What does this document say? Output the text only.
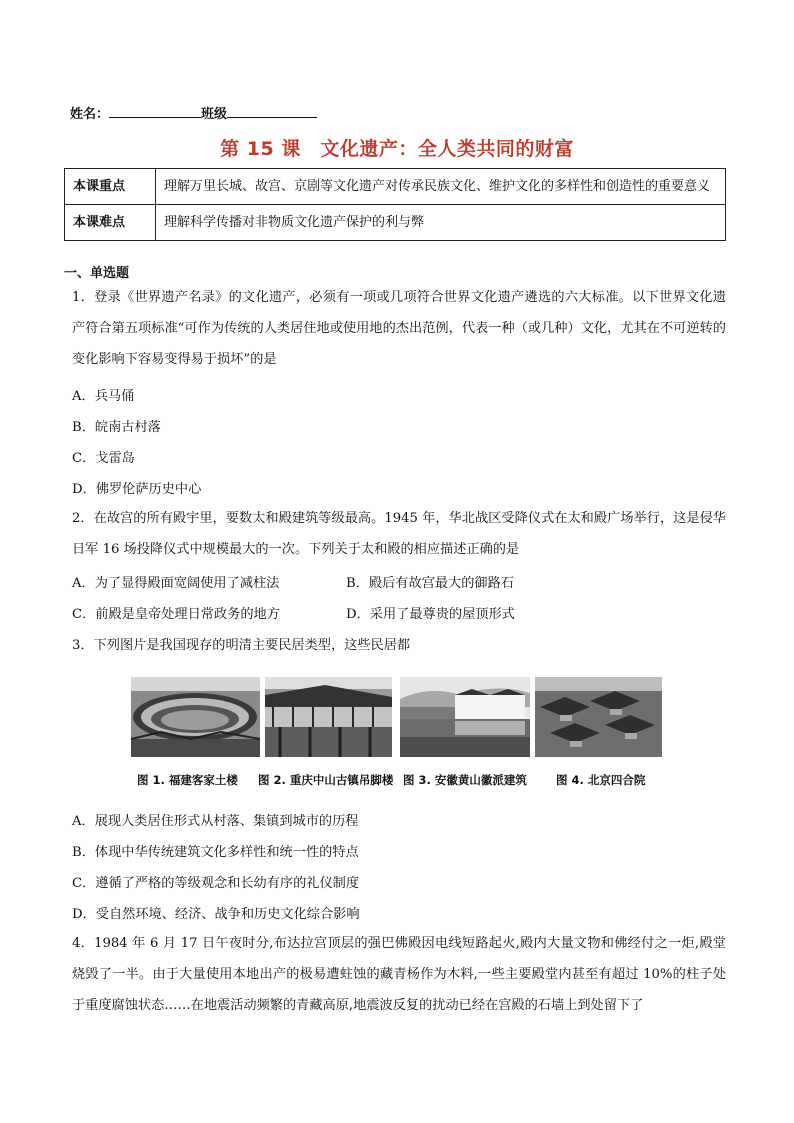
姓名：	班级
第 15 课　文化遗产：全人类共同的财富
本课重点	理解万里长城、故宫、京剧等文化遗产对传承民族文化、维护文化的多样性和创造性的重要意义
本课难点	理解科学传播对非物质文化遗产保护的利与弊
一、单选题
1．登录《世界遗产名录》的文化遗产，必须有一项或几项符合世界文化遗产遴选的六大标准。以下世界文化遗产符合第五项标准“可作为传统的人类居住地或使用地的杰出范例，代表一种（或几种）文化，尤其在不可逆转的变化影响下容易变得易于损坏”的是
A．兵马俑
B．皖南古村落
C．戈雷岛
D．佛罗伦萨历史中心
2．在故宫的所有殿宇里，要数太和殿建筑等级最高。1945 年，华北战区受降仪式在太和殿广场举行，这是侵华日军 16 场投降仪式中规模最大的一次。下列关于太和殿的相应描述正确的是
A．为了显得殿面宽阔使用了减柱法	B．殿后有故宫最大的御路石
C．前殿是皇帝处理日常政务的地方	D．采用了最尊贵的屋顶形式
3．下列图片是我国现存的明清主要民居类型，这些民居都
图 1. 福建客家土楼 图 2. 重庆中山古镇吊脚楼 图 3. 安徽黄山徽派建筑	图 4. 北京四合院
A．展现人类居住形式从村落、集镇到城市的历程
B．体现中华传统建筑文化多样性和统一性的特点
C．遵循了严格的等级观念和长幼有序的礼仪制度
D．受自然环境、经济、战争和历史文化综合影响
4．1984 年 6 月 17 日午夜时分,布达拉宫顶层的强巴佛殿因电线短路起火,殿内大量文物和佛经付之一炬,殿堂烧毁了一半。由于大量使用本地出产的极易遭蛀蚀的藏青杨作为木料,一些主要殿堂内甚至有超过 10%的柱子处于重度腐蚀状态……在地震活动频繁的青藏高原,地震波反复的扰动已经在宫殿的石墙上到处留下了
